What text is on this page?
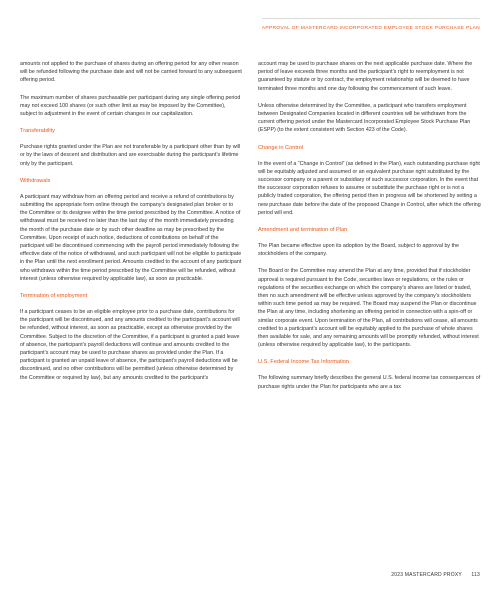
APPROVAL OF MASTERCARD INCORPORATED EMPLOYEE STOCK PURCHASE PLAN

amounts not applied to the purchase of shares during an offering period for any other reason will be refunded following the purchase date and will not be carried forward to any subsequent offering period.

The maximum number of shares purchasable per participant during any single offering period may not exceed 100 shares (or such other limit as may be imposed by the Committee), subject to adjustment in the event of certain changes in our capitalization.

Transferability

Purchase rights granted under the Plan are not transferable by a participant other than by will or by the laws of descent and distribution and are exercisable during the participant’s lifetime only by the participant.

Withdrawals

A participant may withdraw from an offering period and receive a refund of contributions by submitting the appropriate form online through the company’s designated plan broker or to the Committee or its designee within the time period prescribed by the Committee. A notice of withdrawal must be received no later than the last day of the month immediately preceding the month of the purchase date or by such other deadline as may be prescribed by the Committee. Upon receipt of such notice, deductions of contributions on behalf of the participant will be discontinued commencing with the payroll period immediately following the effective date of the notice of withdrawal, and such participant will not be eligible to participate in the Plan until the next enrollment period. Amounts credited to the account of any participant who withdraws within the time period prescribed by the Committee will be refunded, without interest (unless otherwise required by applicable law), as soon as practicable.

Termination of employment

If a participant ceases to be an eligible employee prior to a purchase date, contributions for the participant will be discontinued, and any amounts credited to the participant’s account will be refunded, without interest, as soon as practicable, except as otherwise provided by the Committee. Subject to the discretion of the Committee, if a participant is granted a paid leave of absence, the participant’s payroll deductions will continue and amounts credited to the participant’s account may be used to purchase shares as provided under the Plan. If a participant is granted an unpaid leave of absence, the participant’s payroll deductions will be discontinued, and no other contributions will be permitted (unless otherwise determined by the Committee or required by law), but any amounts credited to the participant’s

account may be used to purchase shares on the next applicable purchase date. Where the period of leave exceeds three months and the participant’s right to reemployment is not guaranteed by statute or by contract, the employment relationship will be deemed to have terminated three months and one day following the commencement of such leave.

Unless otherwise determined by the Committee, a participant who transfers employment between Designated Companies located in different countries will be withdrawn from the current offering period under the Mastercard Incorporated Employee Stock Purchase Plan (ESPP) (to the extent consistent with Section 423 of the Code).

Change in Control

In the event of a “Change in Control” (as defined in the Plan), each outstanding purchase right will be equitably adjusted and assumed or an equivalent purchase right substituted by the successor company or a parent or subsidiary of such successor corporation. In the event that the successor corporation refuses to assume or substitute the purchase right or is not a publicly traded corporation, the offering period then in progress will be shortened by setting a new purchase date before the date of the proposed Change in Control, after which the offering period will end.

Amendment and termination of Plan

The Plan became effective upon its adoption by the Board, subject to approval by the stockholders of the company.

The Board or the Committee may amend the Plan at any time, provided that if stockholder approval is required pursuant to the Code, securities laws or regulations, or the rules or regulations of the securities exchange on which the company’s shares are listed or traded, then no such amendment will be effective unless approved by the company’s stockholders within such time period as may be required. The Board may suspend the Plan or discontinue the Plan at any time, including shortening an offering period in connection with a spin-off or similar corporate event. Upon termination of the Plan, all contributions will cease, all amounts credited to a participant’s account will be equitably applied to the purchase of whole shares then available for sale, and any remaining amounts will be promptly refunded, without interest (unless otherwise required by applicable law), to the participants.

U.S. Federal Income Tax Information

The following summary briefly describes the general U.S. federal income tax consequences of purchase rights under the Plan for participants who are a tax

2023 MASTERCARD PROXY 113
